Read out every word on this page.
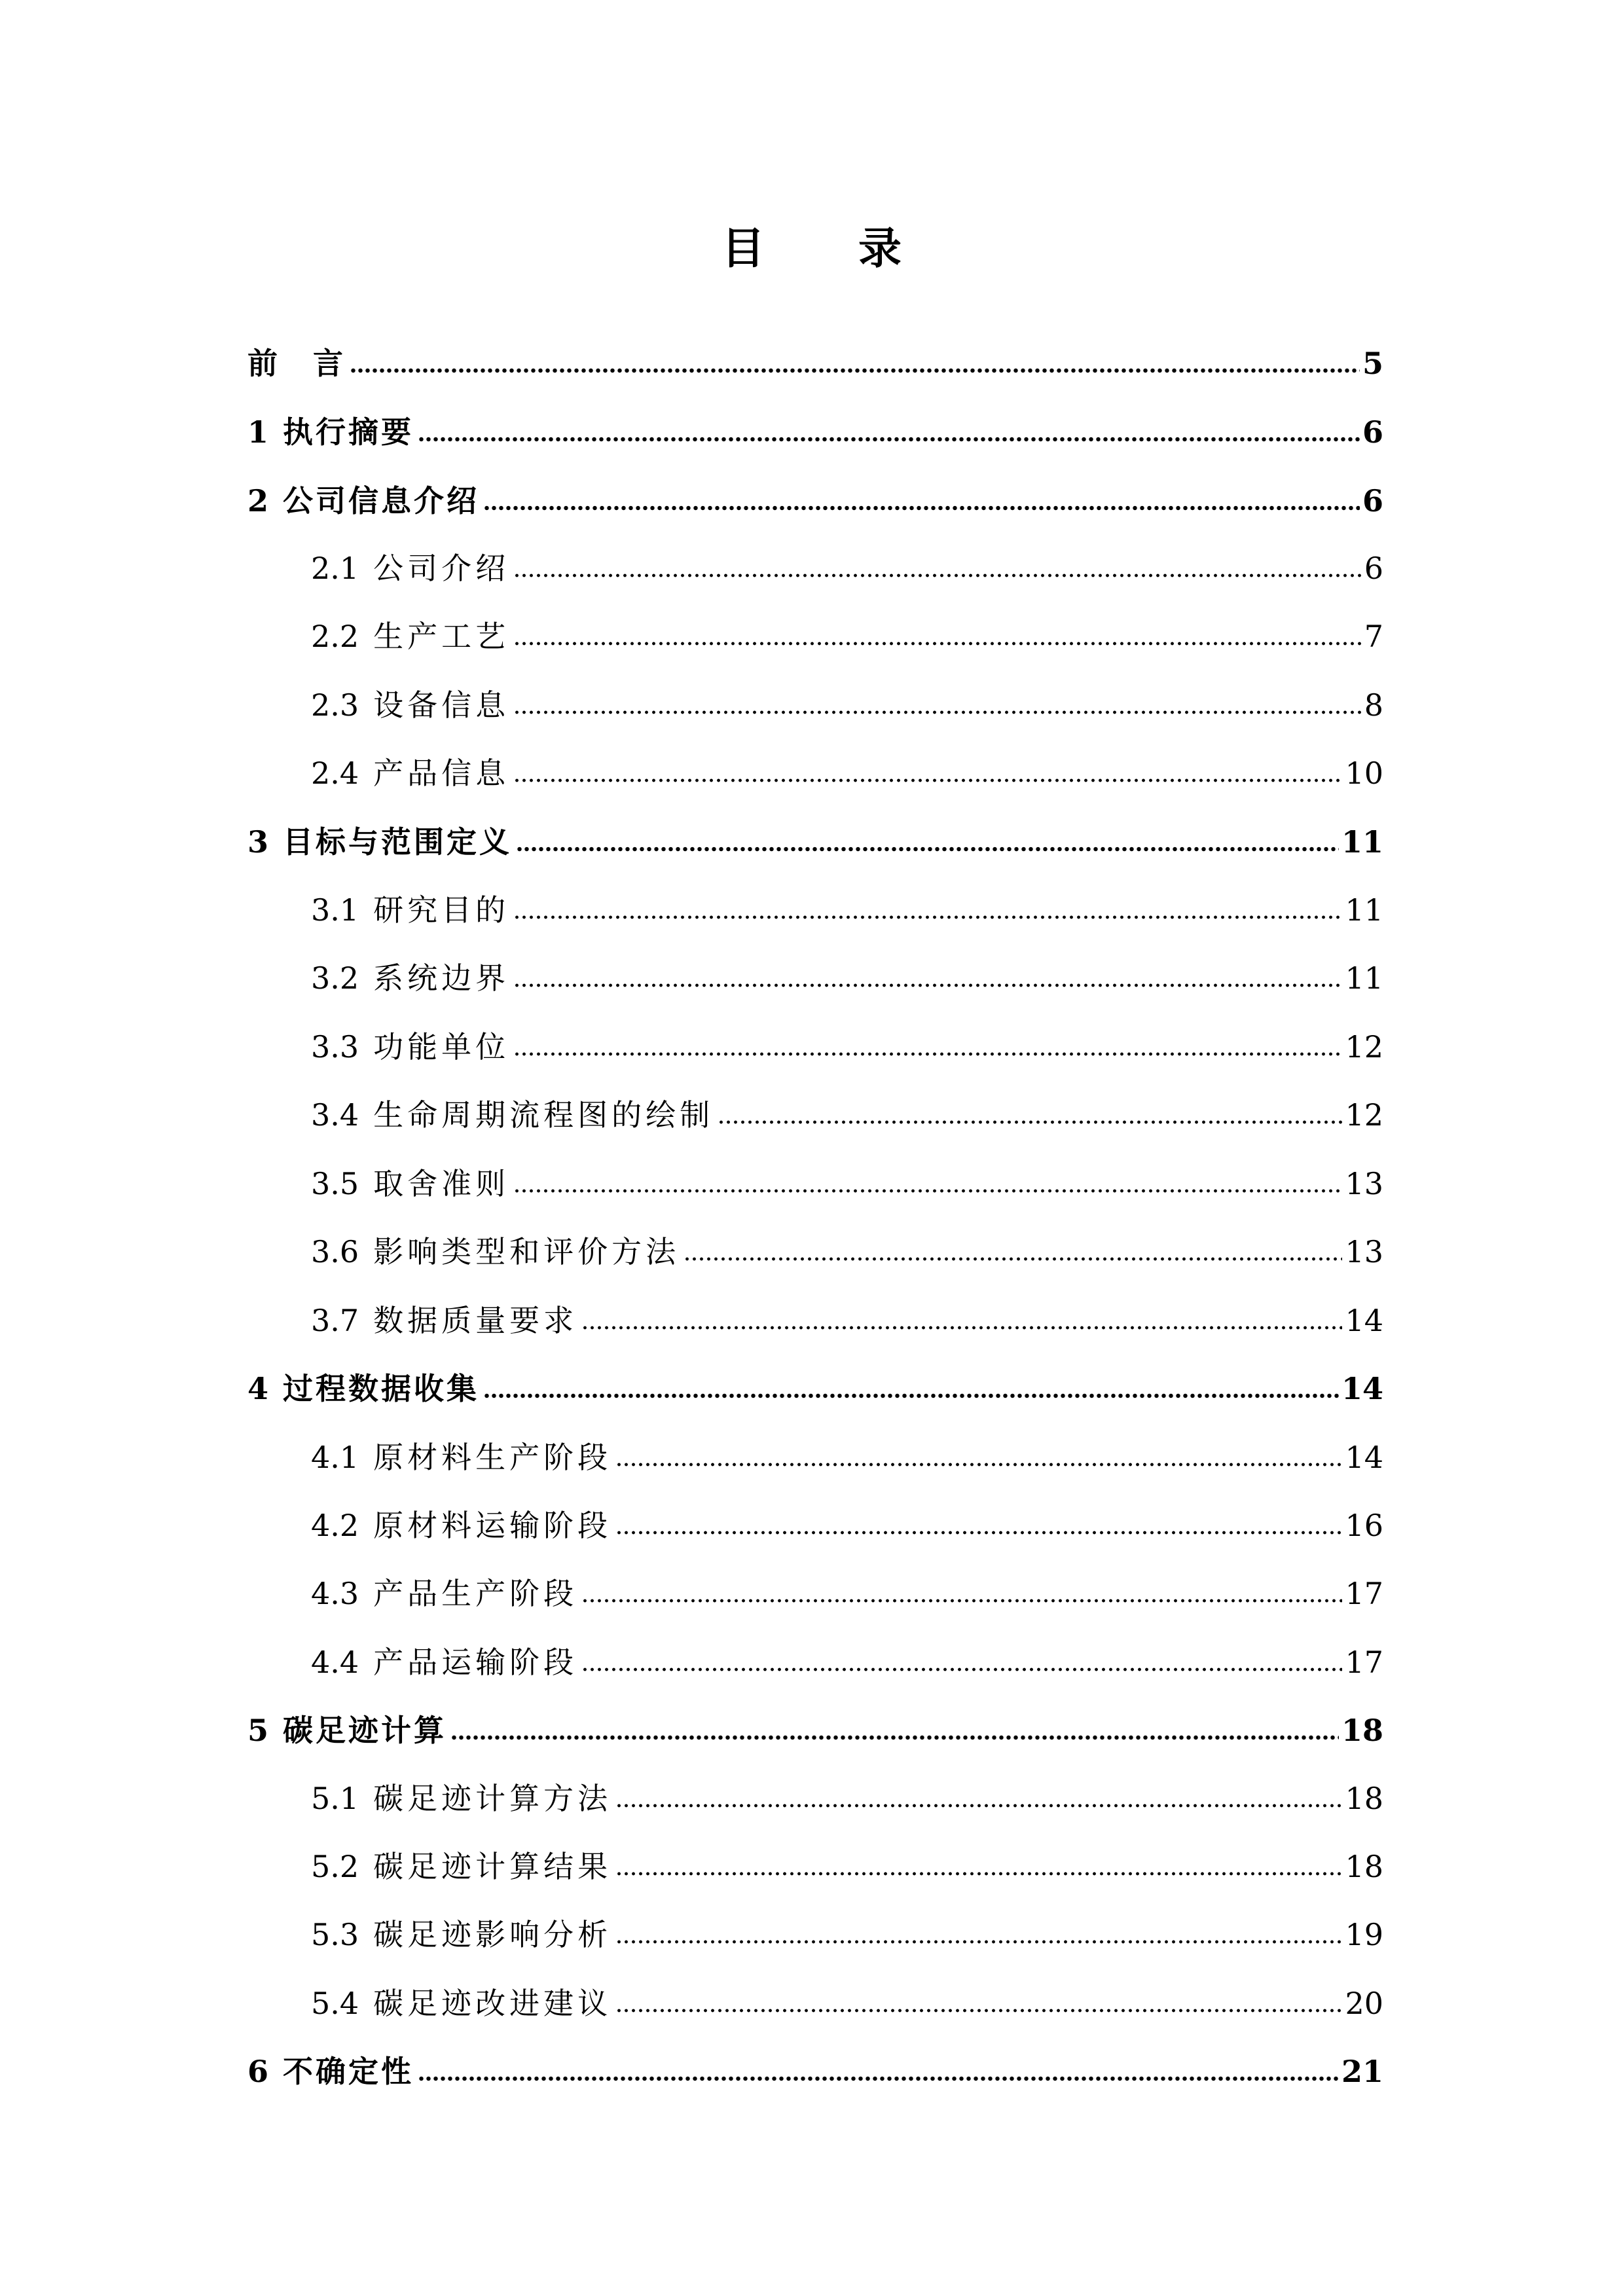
目 录
前　言	5
1 执行摘要	6
2 公司信息介绍	6
2.1 公司介绍	6
2.2 生产工艺	7
2.3 设备信息	8
2.4 产品信息	10
3 目标与范围定义	11
3.1 研究目的	11
3.2 系统边界	11
3.3 功能单位	12
3.4 生命周期流程图的绘制	12
3.5 取舍准则	13
3.6 影响类型和评价方法	13
3.7 数据质量要求	14
4 过程数据收集	14
4.1 原材料生产阶段	14
4.2 原材料运输阶段	16
4.3 产品生产阶段	17
4.4 产品运输阶段	17
5 碳足迹计算	18
5.1 碳足迹计算方法	18
5.2 碳足迹计算结果	18
5.3 碳足迹影响分析	19
5.4 碳足迹改进建议	20
6 不确定性	21
